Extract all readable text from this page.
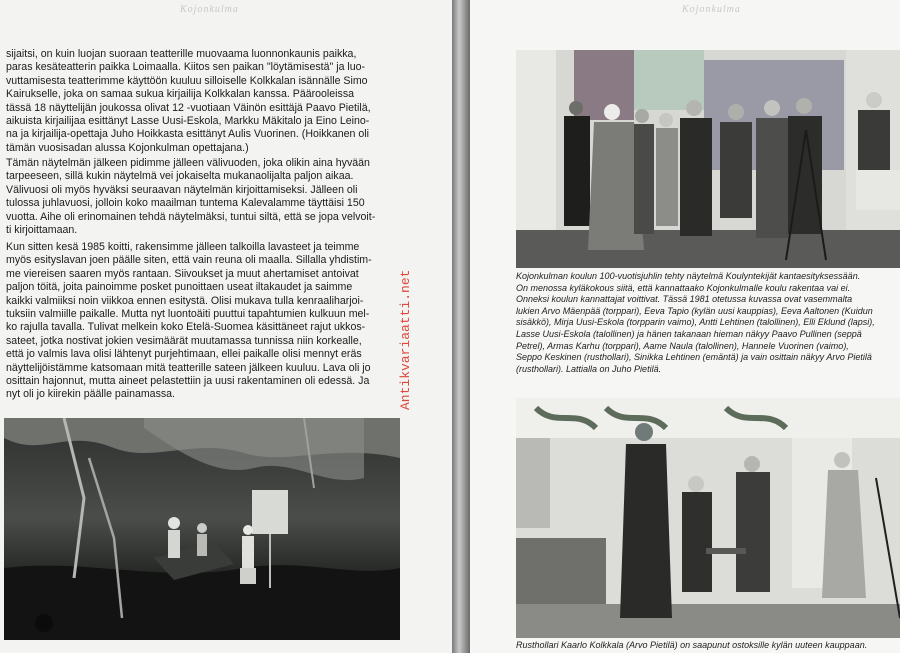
Kojonkulma
sijaitsi, on kuin luojan suoraan teatterille muovaama luonnonkaunis paikka,
paras kesäteatterin paikka Loimaalla. Kiitos sen paikan "löytämisestä" ja luo-
vuttamisesta teatterimme käyttöön kuuluu silloiselle Kolkkalan isännälle Simo
Kairukselle, joka on samaa sukua kirjailija Kolkkalan kanssa. Pääroolеissa
tässä 18 näyttelijän joukossa olivat 12 -vuotiaan Väinön esittäjä Paavo Pietilä,
aikuista kirjailijaa esittänyt Lasse Uusi-Eskola, Markku Mäkitalo ja Eino Leino-
na ja kirjailija-opettaja Juho Hoikkasta esittänyt Aulis Vuorinen. (Hoikkanen oli
tämän vuosisadan alussa Kojonkulman opettajana.)
Tämän näytelmän jälkeen pidimme jälleen välivuoden, joka olikin aina hyvään
tarpeeseen, sillä kukin näytelmä vei jokaiselta mukanaolijalta paljon aikaa.
Välivuosi oli myös hyväksi seuraavan näytelmän kirjoittamiseksi. Jälleen oli
tulossa juhlavuosi, jolloin koko maailman tuntema Kalevalamme täyttäisi 150
vuotta. Aihe oli erinomainen tehdä näytelmäksi, tuntui siltä, että se jopa velvoit-
ti kirjoittamaan.
Kun sitten kesä 1985 koitti, rakensimme jälleen talkoilla lavasteet ja teimme
myös esityslavan joen päälle siten, että vain reuna oli maalla. Sillalla yhdistim-
me viereisen saaren myös rantaan. Siivoukset ja muut ahertamiset antoivat
paljon töitä, joita painoimme posket punoittaen usеat iltakaudet ja saimme
kaikki valmiiksi noin viikkoa ennen esitystä. Olisi mukava tulla kenraaliharjoi-
tuksiin valmiille paikalle. Mutta nyt luontoäiti puuttui tapahtumien kulkuun mel-
ko rajulla tavalla. Tulivat melkein koko Etelä-Suomea käsittäneet rajut ukkos-
sateet, jotka nostivat jokien vesimäärät muutamassa tunnissa niin korkealle,
että jo valmis lava olisi lähtenyt purjehtimaan, ellei paikalle olisi mennyt eräs
näyttelijöistämme katsomaan mitä teatterille sateen jälkeen kuuluu. Lava oli jo
osittain hajonnut, mutta aineet pelastettiin ja uusi rakentaminen oli edessä. Ja
nyt oli jo kiirekin päälle painamassa.	Antikvariaatti.net
Kojonkulma
Kojonkulman koulun 100-vuotisjuhlin tehty näytelmä Koulуntekijät kantaesityksessään.
On menossa kyläkokous siitä, että kannattaako Kojonkulmalle koulu rakentaa vai ei.
Onneksi koulun kannattajat voittivat. Tässä 1981 otetussa kuvassa ovat vasemmalta
lukien Arvo Mäenpää (torppari), Eeva Tapio (kylän uusi kauppias), Eeva Aaltonen (Kuidun
sisäkkö), Mirja Uusi-Eskola (torpparin vaimo), Antti Lehtinen (talollinen), Elli Eklund (lapsi),
Lasse Uusi-Eskola (talollinen) ja hänen takanaan hieman näkyy Paavo Pullinen (seppä
Petrel), Armas Karhu (torppari), Aame Naula (talollinen), Hannele Vuorinen (vaimo),
Seppo Keskinen (rusthollari), Sinikka Lehtinen (emäntä) ja vain osittain näkyy Arvo Pietilä
(rusthollari). Lattialla on Juho Pietilä.
Rusthollari Kaarlo Kolkkala (Arvo Pietilä) on saapunut ostoksille kylän uuteen kauppaan.
